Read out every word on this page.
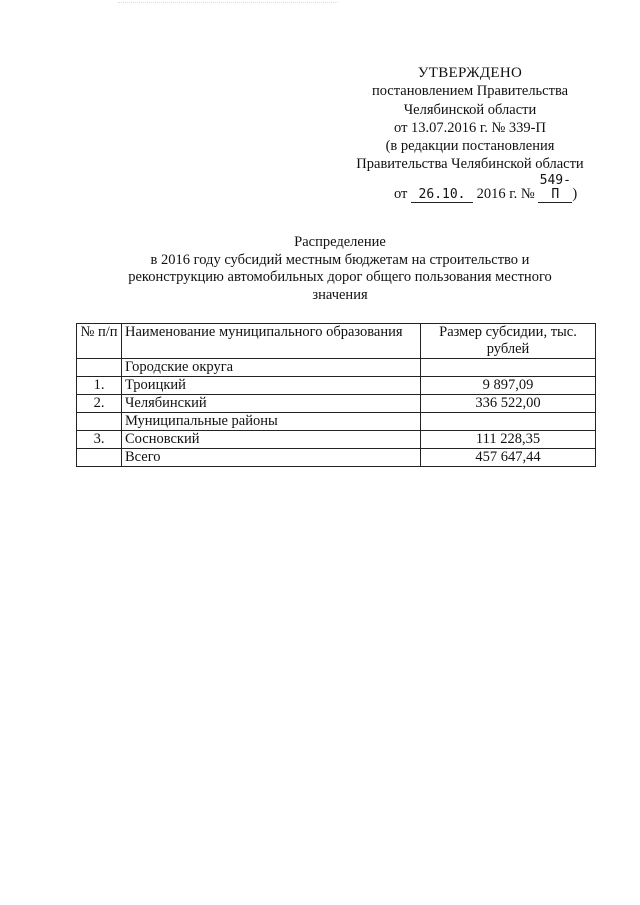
УТВЕРЖДЕНО
постановлением Правительства
Челябинской области
от 13.07.2016 г. № 339-П
(в редакции постановления
Правительства Челябинской области
от 26.10. 2016 г. № 549-П )
Распределение
в 2016 году субсидий местным бюджетам на строительство и
реконструкцию автомобильных дорог общего пользования местного
значения
№ п/п	Наименование муниципального образования	Размер субсидии, тыс. рублей
	Городские округа	
1.	Троицкий	9 897,09
2.	Челябинский	336 522,00
	Муниципальные районы	
3.	Сосновский	111 228,35
	Всего	457 647,44
